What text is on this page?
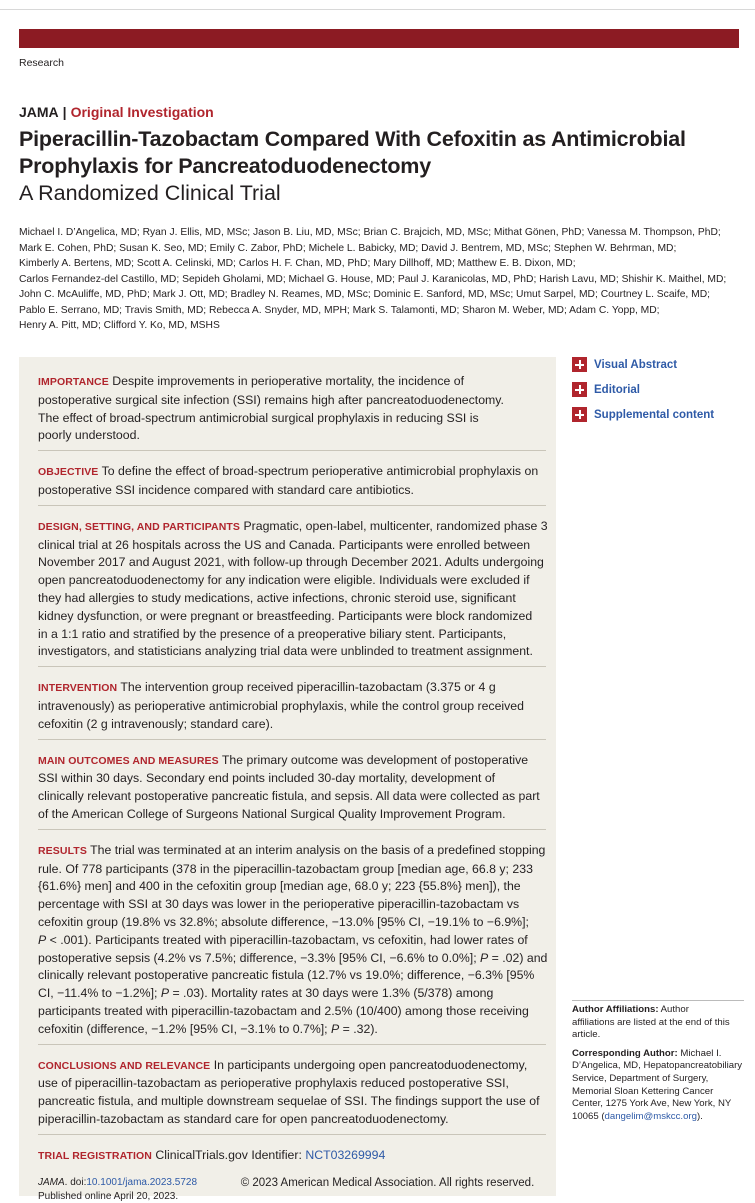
Research
JAMA | Original Investigation
Piperacillin-Tazobactam Compared With Cefoxitin as Antimicrobial Prophylaxis for Pancreatoduodenectomy
A Randomized Clinical Trial
Michael I. D’Angelica, MD; Ryan J. Ellis, MD, MSc; Jason B. Liu, MD, MSc; Brian C. Brajcich, MD, MSc; Mithat Gönen, PhD; Vanessa M. Thompson, PhD;
Mark E. Cohen, PhD; Susan K. Seo, MD; Emily C. Zabor, PhD; Michele L. Babicky, MD; David J. Bentrem, MD, MSc; Stephen W. Behrman, MD;
Kimberly A. Bertens, MD; Scott A. Celinski, MD; Carlos H. F. Chan, MD, PhD; Mary Dillhoff, MD; Matthew E. B. Dixon, MD;
Carlos Fernandez-del Castillo, MD; Sepideh Gholami, MD; Michael G. House, MD; Paul J. Karanicolas, MD, PhD; Harish Lavu, MD; Shishir K. Maithel, MD;
John C. McAuliffe, MD, PhD; Mark J. Ott, MD; Bradley N. Reames, MD, MSc; Dominic E. Sanford, MD, MSc; Umut Sarpel, MD; Courtney L. Scaife, MD;
Pablo E. Serrano, MD; Travis Smith, MD; Rebecca A. Snyder, MD, MPH; Mark S. Talamonti, MD; Sharon M. Weber, MD; Adam C. Yopp, MD;
Henry A. Pitt, MD; Clifford Y. Ko, MD, MSHS
IMPORTANCE Despite improvements in perioperative mortality, the incidence of
postoperative surgical site infection (SSI) remains high after pancreatoduodenectomy.
The effect of broad-spectrum antimicrobial surgical prophylaxis in reducing SSI is
poorly understood.
OBJECTIVE To define the effect of broad-spectrum perioperative antimicrobial prophylaxis on
postoperative SSI incidence compared with standard care antibiotics.
DESIGN, SETTING, AND PARTICIPANTS Pragmatic, open-label, multicenter, randomized phase 3
clinical trial at 26 hospitals across the US and Canada. Participants were enrolled between
November 2017 and August 2021, with follow-up through December 2021. Adults undergoing
open pancreatoduodenectomy for any indication were eligible. Individuals were excluded if
they had allergies to study medications, active infections, chronic steroid use, significant
kidney dysfunction, or were pregnant or breastfeeding. Participants were block randomized
in a 1:1 ratio and stratified by the presence of a preoperative biliary stent. Participants,
investigators, and statisticians analyzing trial data were unblinded to treatment assignment.
INTERVENTION The intervention group received piperacillin-tazobactam (3.375 or 4 g
intravenously) as perioperative antimicrobial prophylaxis, while the control group received
cefoxitin (2 g intravenously; standard care).
MAIN OUTCOMES AND MEASURES The primary outcome was development of postoperative
SSI within 30 days. Secondary end points included 30-day mortality, development of
clinically relevant postoperative pancreatic fistula, and sepsis. All data were collected as part
of the American College of Surgeons National Surgical Quality Improvement Program.
RESULTS The trial was terminated at an interim analysis on the basis of a predefined stopping
rule. Of 778 participants (378 in the piperacillin-tazobactam group [median age, 66.8 y; 233
{61.6%} men] and 400 in the cefoxitin group [median age, 68.0 y; 223 {55.8%} men]), the
percentage with SSI at 30 days was lower in the perioperative piperacillin-tazobactam vs
cefoxitin group (19.8% vs 32.8%; absolute difference, −13.0% [95% CI, −19.1% to −6.9%];
P < .001). Participants treated with piperacillin-tazobactam, vs cefoxitin, had lower rates of
postoperative sepsis (4.2% vs 7.5%; difference, −3.3% [95% CI, −6.6% to 0.0%]; P = .02) and
clinically relevant postoperative pancreatic fistula (12.7% vs 19.0%; difference, −6.3% [95%
CI, −11.4% to −1.2%]; P = .03). Mortality rates at 30 days were 1.3% (5/378) among
participants treated with piperacillin-tazobactam and 2.5% (10/400) among those receiving
cefoxitin (difference, −1.2% [95% CI, −3.1% to 0.7%]; P = .32).
CONCLUSIONS AND RELEVANCE In participants undergoing open pancreatoduodenectomy,
use of piperacillin-tazobactam as perioperative prophylaxis reduced postoperative SSI,
pancreatic fistula, and multiple downstream sequelae of SSI. The findings support the use of
piperacillin-tazobactam as standard care for open pancreatoduodenectomy.
TRIAL REGISTRATION ClinicalTrials.gov Identifier: NCT03269994
JAMA. doi:10.1001/jama.2023.5728
Published online April 20, 2023.
© 2023 American Medical Association. All rights reserved.
Visual Abstract
Editorial
Supplemental content

Author Affiliations: Author
affiliations are listed at the end of this
article.

Corresponding Author: Michael I.
D’Angelica, MD, Hepatopancreatobiliary
Service, Department of Surgery,
Memorial Sloan Kettering Cancer
Center, 1275 York Ave, New York, NY
10065 (dangelim@mskcc.org).
